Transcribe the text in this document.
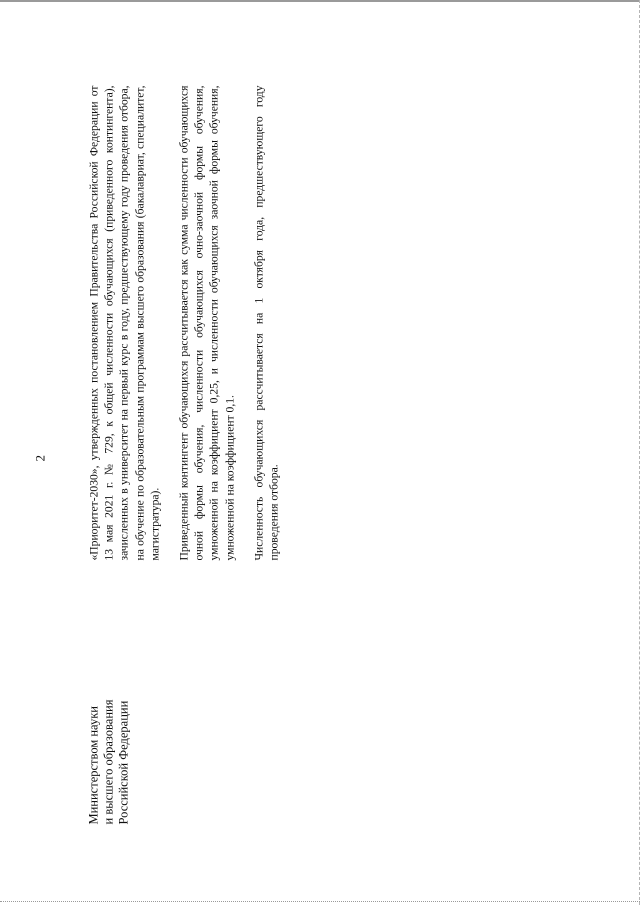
2
Министерством науки и высшего образования Российской Федерации

«Приоритет-2030», утвержденных постановлением Правительства Российской Федерации от 13 мая 2021 г. № 729, к общей численности обучающихся (приведенного контингента), зачисленных в университет на первый курс в году, предшествующему году проведения отбора, на обучение по образовательным программам высшего образования (бакалавриат, специалитет, магистратура). Приведенный контингент обучающихся рассчитывается как сумма численности обучающихся очной формы обучения, численности обучающихся очно-заочной формы обучения, умноженной на коэффициент 0,25, и численности обучающихся заочной формы обучения, умноженной на коэффициент 0,1. Численность обучающихся рассчитывается на 1 октября года, предшествующего году проведения отбора.
